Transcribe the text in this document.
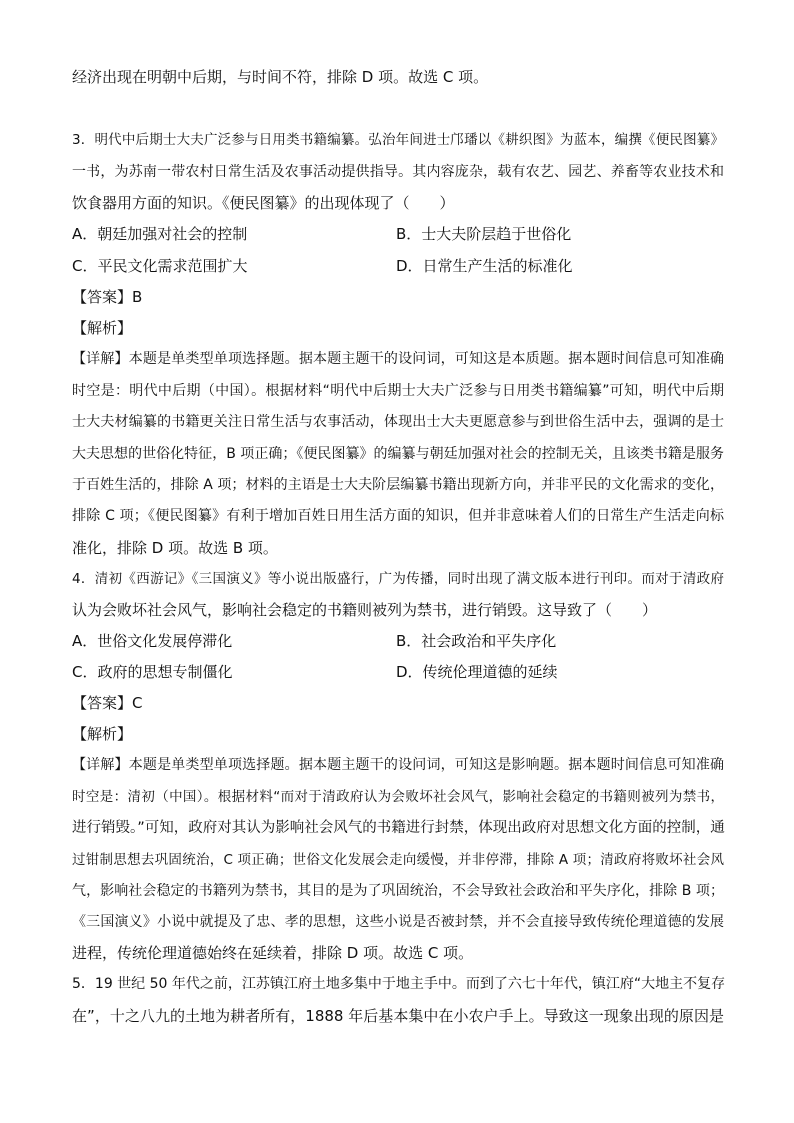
经济出现在明朝中后期，与时间不符，排除 D 项。故选 C 项。
3．明代中后期士大夫广泛参与日用类书籍编纂。弘治年间进士邝璠以《耕织图》为蓝本，编撰《便民图纂》
一书，为苏南一带农村日常生活及农事活动提供指导。其内容庞杂，载有农艺、园艺、养畜等农业技术和
饮食器用方面的知识。《便民图纂》的出现体现了（　　）
A．朝廷加强对社会的控制	B．士大夫阶层趋于世俗化
C．平民文化需求范围扩大	D．日常生产生活的标准化
【答案】B
【解析】
【详解】本题是单类型单项选择题。据本题主题干的设问词，可知这是本质题。据本题时间信息可知准确
时空是：明代中后期（中国）。根据材料“明代中后期士大夫广泛参与日用类书籍编纂”可知，明代中后期
士大夫材编纂的书籍更关注日常生活与农事活动，体现出士大夫更愿意参与到世俗生活中去，强调的是士
大夫思想的世俗化特征，B 项正确；《便民图纂》的编纂与朝廷加强对社会的控制无关，且该类书籍是服务
于百姓生活的，排除 A 项；材料的主语是士大夫阶层编纂书籍出现新方向，并非平民的文化需求的变化，
排除 C 项；《便民图纂》有利于增加百姓日用生活方面的知识，但并非意味着人们的日常生产生活走向标
准化，排除 D 项。故选 B 项。
4．清初《西游记》《三国演义》等小说出版盛行，广为传播，同时出现了满文版本进行刊印。而对于清政府
认为会败坏社会风气，影响社会稳定的书籍则被列为禁书，进行销毁。这导致了（　　）
A．世俗文化发展停滞化	B．社会政治和平失序化
C．政府的思想专制僵化	D．传统伦理道德的延续
【答案】C
【解析】
【详解】本题是单类型单项选择题。据本题主题干的设问词，可知这是影响题。据本题时间信息可知准确
时空是：清初（中国）。根据材料“而对于清政府认为会败坏社会风气，影响社会稳定的书籍则被列为禁书，
进行销毁。”可知，政府对其认为影响社会风气的书籍进行封禁，体现出政府对思想文化方面的控制，通
过钳制思想去巩固统治，C 项正确；世俗文化发展会走向缓慢，并非停滞，排除 A 项；清政府将败坏社会风
气，影响社会稳定的书籍列为禁书，其目的是为了巩固统治，不会导致社会政治和平失序化，排除 B 项；
《三国演义》小说中就提及了忠、孝的思想，这些小说是否被封禁，并不会直接导致传统伦理道德的发展
进程，传统伦理道德始终在延续着，排除 D 项。故选 C 项。
5．19 世纪 50 年代之前，江苏镇江府土地多集中于地主手中。而到了六七十年代，镇江府“大地主不复存
在”，十之八九的土地为耕者所有，1888 年后基本集中在小农户手上。导致这一现象出现的原因是
